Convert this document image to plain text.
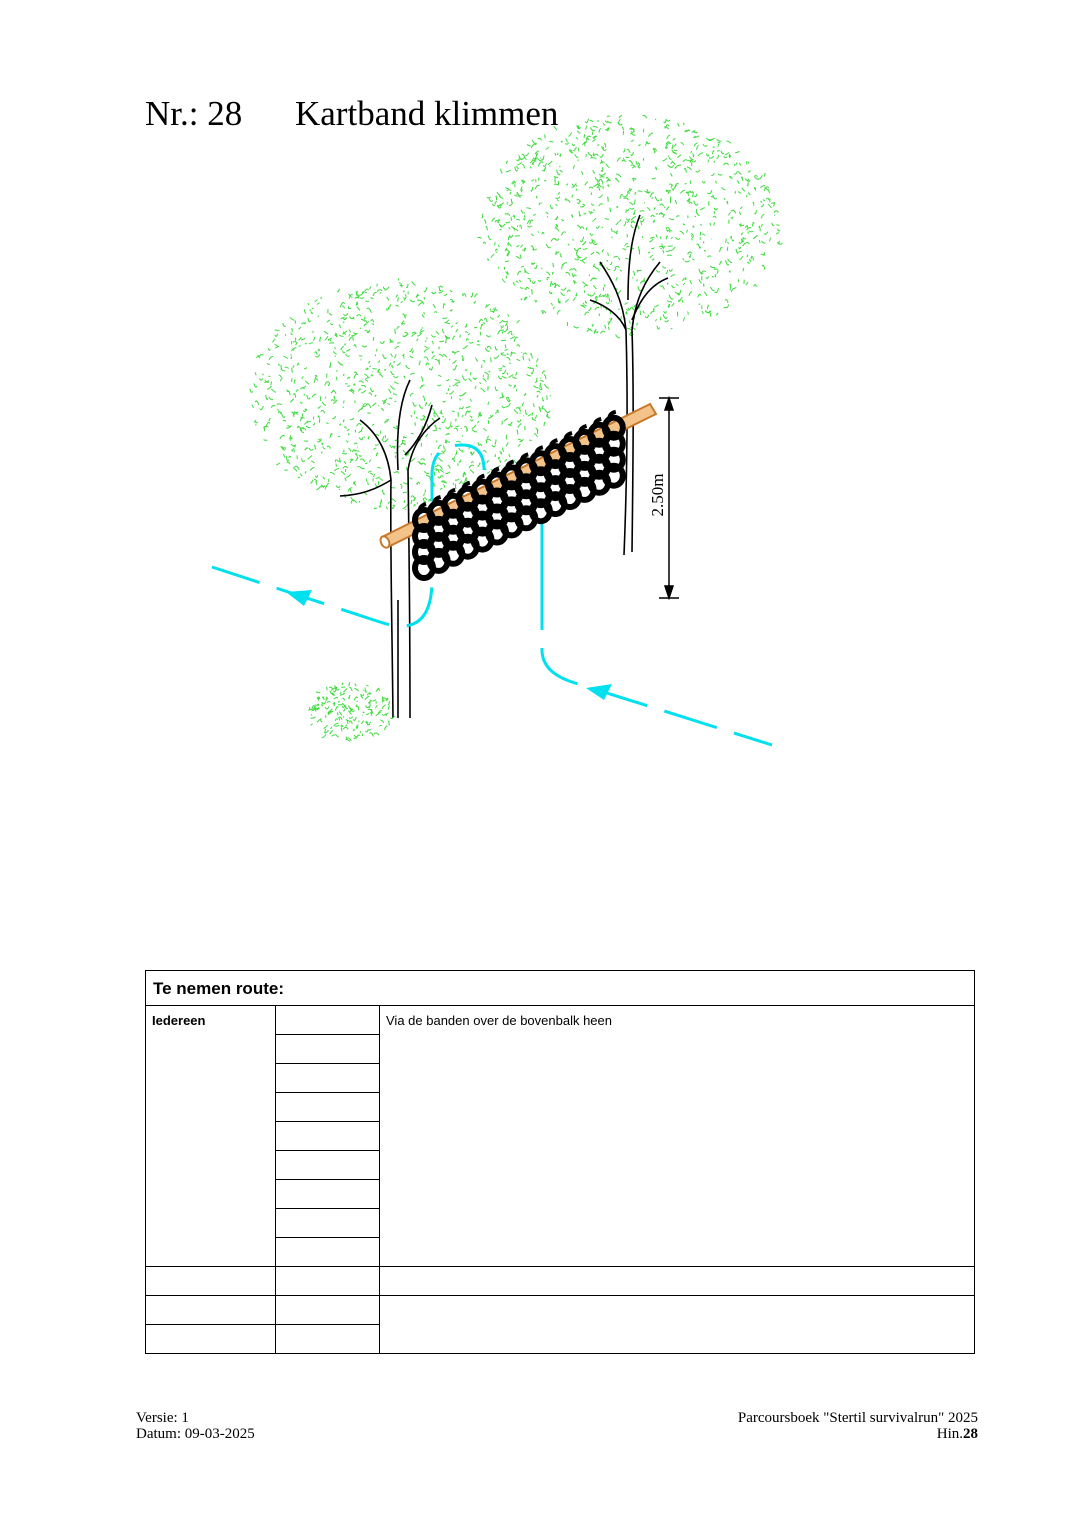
Nr.: 28 Kartband klimmen
2.50m
Te nemen route:		
Iedereen		Via de banden over de bovenbalk heen

Versie: 1
Datum: 09-03-2025
Parcoursboek "Stertil survivalrun" 2025
Hin.28
